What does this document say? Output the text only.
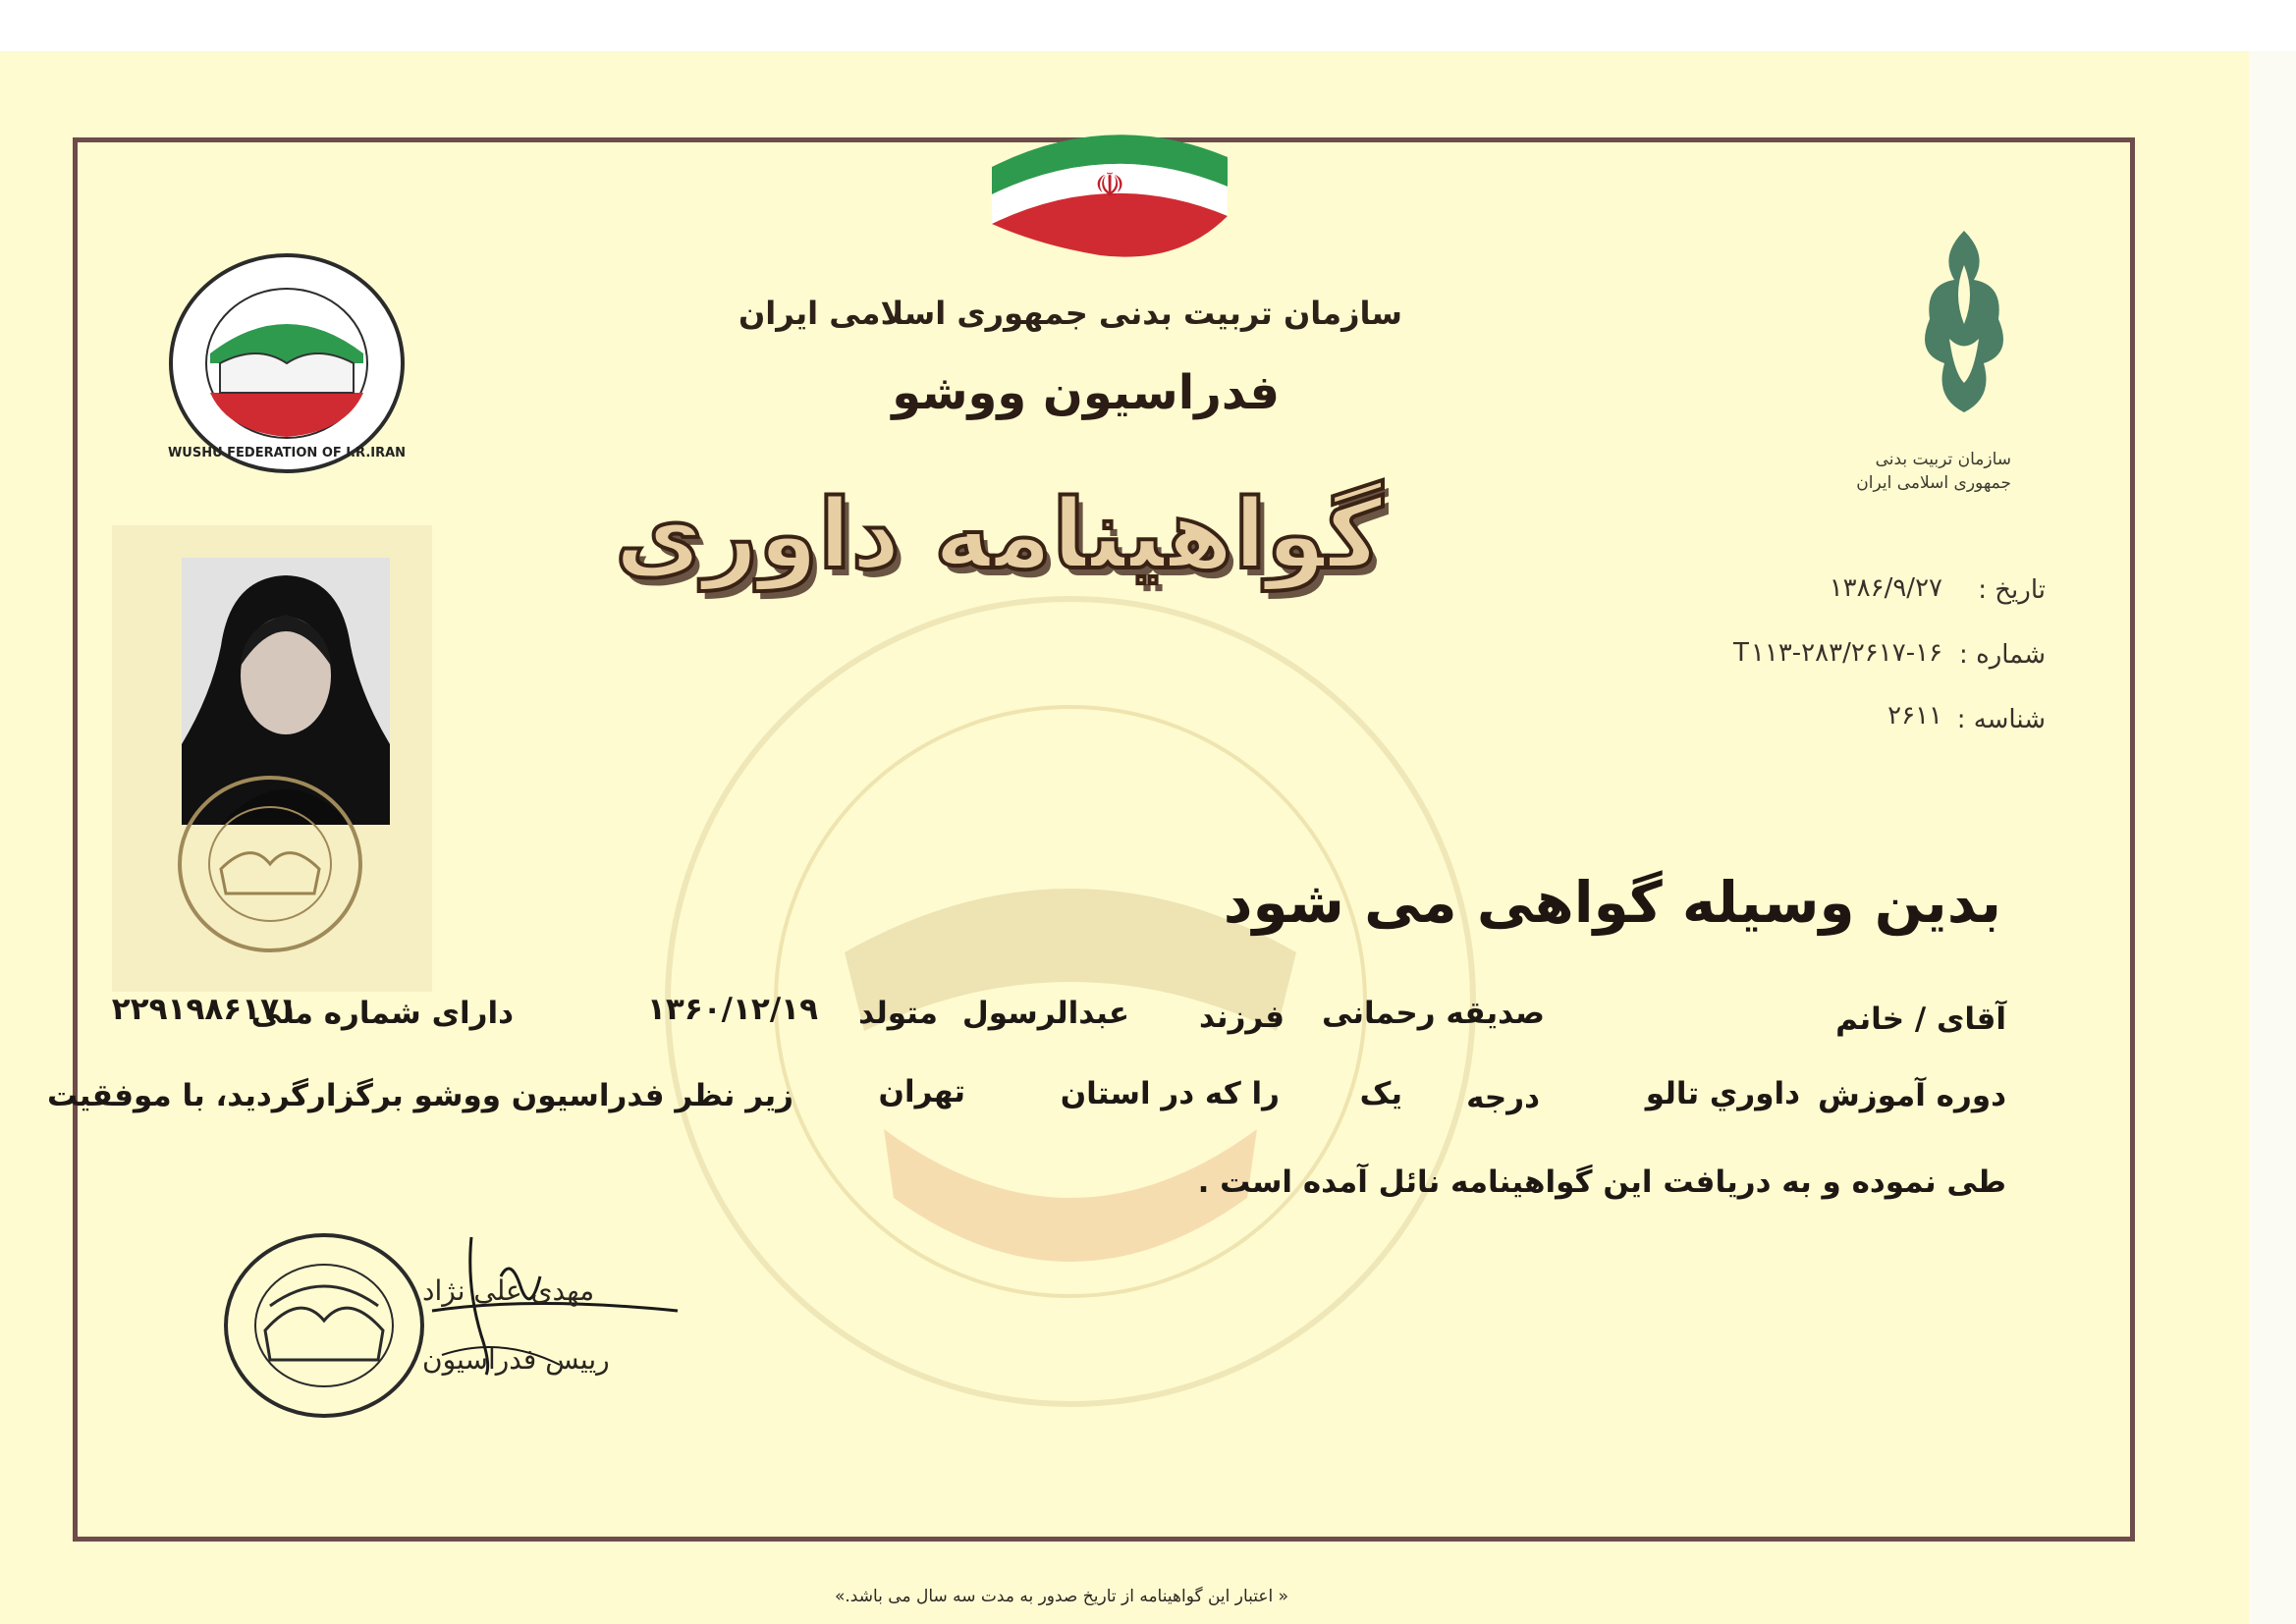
☫
WUSHU FEDERATION OF I.R.IRAN	سازمان تربیت بدنی
جمهوری اسلامی ایران
سازمان تربیت بدنی جمهوری اسلامی ایران
فدراسیون ووشو
گواهینامه داوری	تاریخ :
۱۳۸۶/۹/۲۷
شماره :
T۱۱۳-۲۸۳/۲۶۱۷-۱۶
شناسه :
۲۶۱۱
بدین وسیله گواهی می شود
آقای / خانم
صدیقه رحمانی
فرزند
عبدالرسول
متولد
۱۳۶۰/۱۲/۱۹
دارای شماره ملی
۲۲۹۱۹۸۶۱۷۱
دوره آموزش
داوري تالو
درجه
یک
را که در استان
تهران
زیر نظر فدراسیون ووشو برگزارگردید، با موفقیت
طی نموده و به دریافت این گواهینامه نائل آمده است .
مهدی علی نژاد
رییس فدراسیون
« اعتبار این گواهینامه از تاریخ صدور به مدت سه سال می باشد.»
